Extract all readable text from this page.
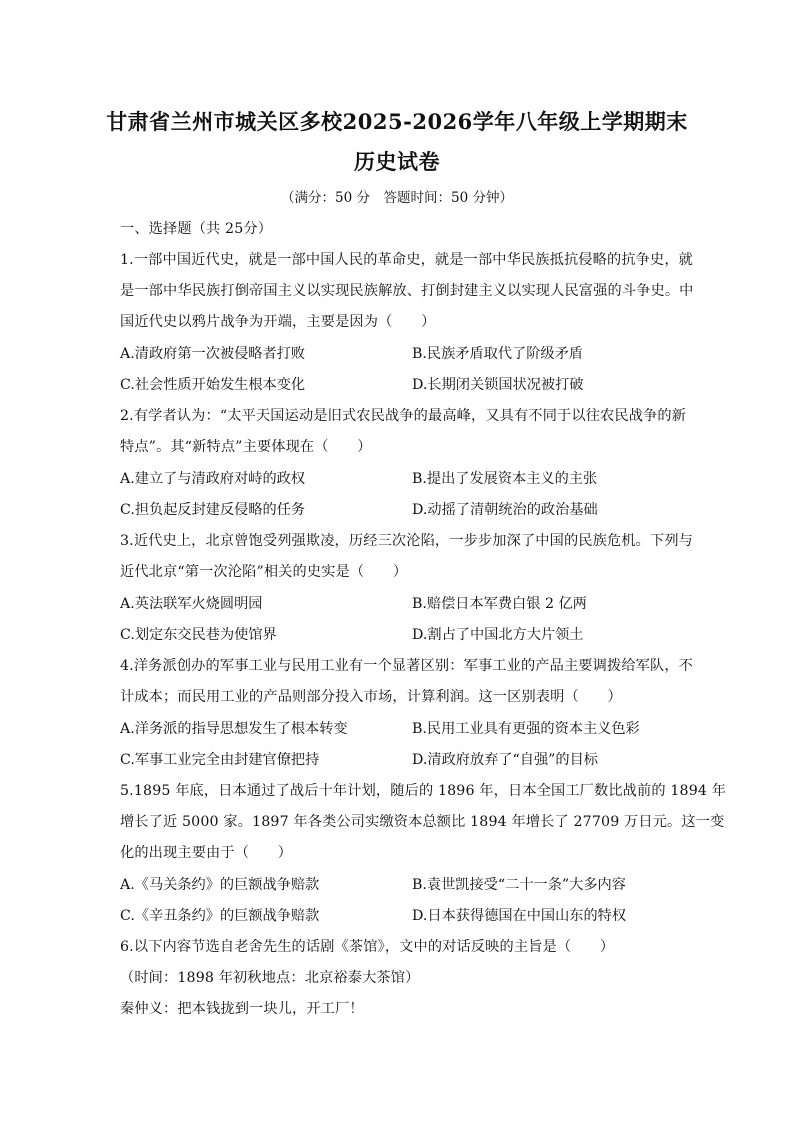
甘肃省兰州市城关区多校2025-2026学年八年级上学期期末
历史试卷
（满分：50 分　答题时间：50 分钟）
一、选择题（共 25分）
1.一部中国近代史，就是一部中国人民的革命史，就是一部中华民族抵抗侵略的抗争史，就
是一部中华民族打倒帝国主义以实现民族解放、打倒封建主义以实现人民富强的斗争史。中
国近代史以鸦片战争为开端，主要是因为（　　）
A.清政府第一次被侵略者打败	B.民族矛盾取代了阶级矛盾
C.社会性质开始发生根本变化	D.长期闭关锁国状况被打破
2.有学者认为：“太平天国运动是旧式农民战争的最高峰，又具有不同于以往农民战争的新
特点”。其“新特点”主要体现在（　　）
A.建立了与清政府对峙的政权	B.提出了发展资本主义的主张
C.担负起反封建反侵略的任务	D.动摇了清朝统治的政治基础
3.近代史上，北京曾饱受列强欺凌，历经三次沦陷，一步步加深了中国的民族危机。下列与
近代北京“第一次沦陷”相关的史实是（　　）
A.英法联军火烧圆明园	B.赔偿日本军费白银 2 亿两
C.划定东交民巷为使馆界	D.割占了中国北方大片领土
4.洋务派创办的军事工业与民用工业有一个显著区别：军事工业的产品主要调拨给军队，不
计成本；而民用工业的产品则部分投入市场，计算利润。这一区别表明（　　）
A.洋务派的指导思想发生了根本转变	B.民用工业具有更强的资本主义色彩
C.军事工业完全由封建官僚把持	D.清政府放弃了“自强”的目标
5.1895 年底，日本通过了战后十年计划，随后的 1896 年，日本全国工厂数比战前的 1894 年
增长了近 5000 家。1897 年各类公司实缴资本总额比 1894 年增长了 27709 万日元。这一变
化的出现主要由于（　　）
A.《马关条约》的巨额战争赔款	B.袁世凯接受“二十一条”大多内容
C.《辛丑条约》的巨额战争赔款	D.日本获得德国在中国山东的特权
6.以下内容节选自老舍先生的话剧《茶馆》，文中的对话反映的主旨是（　　）
（时间：1898 年初秋地点：北京裕泰大茶馆）
秦仲义：把本钱拢到一块儿，开工厂！
